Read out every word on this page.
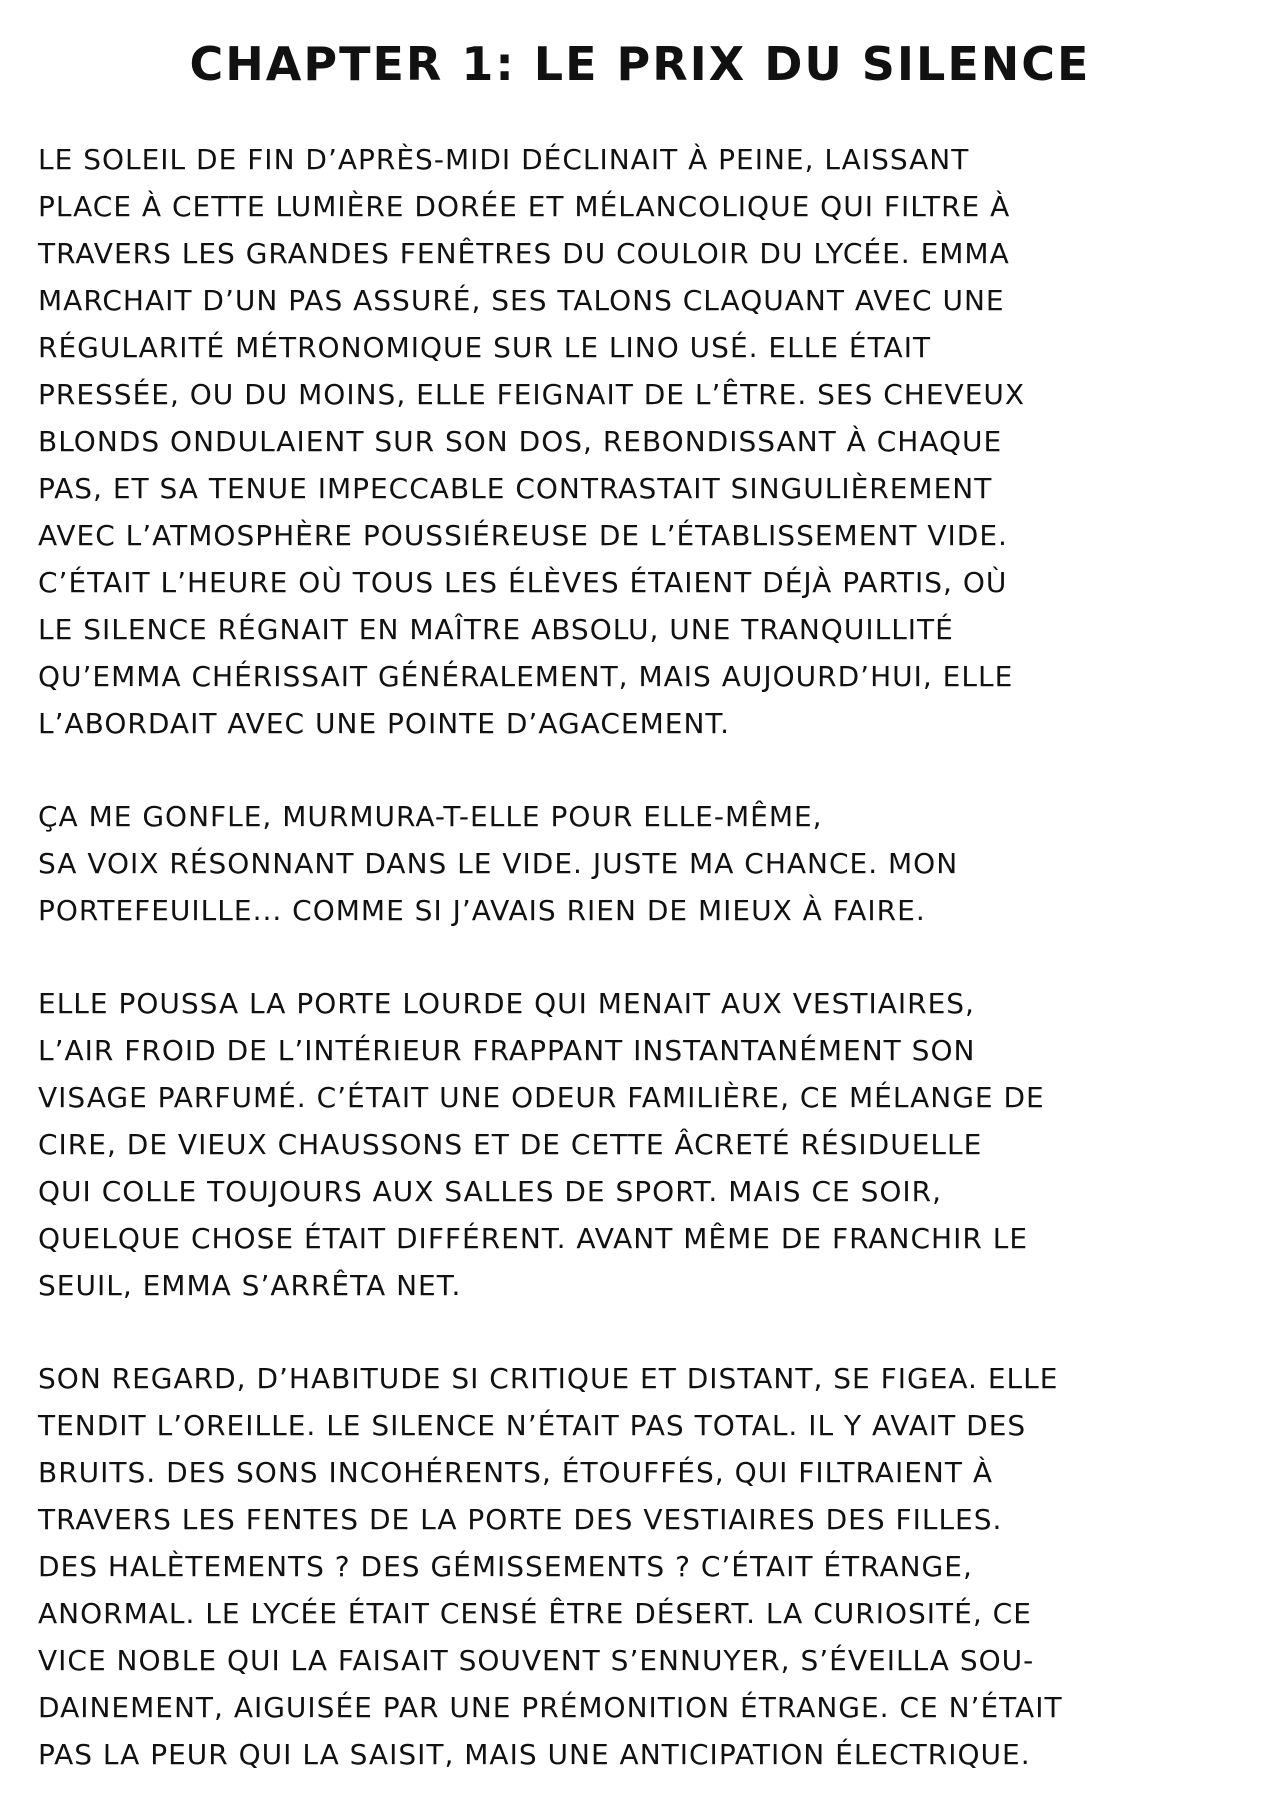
CHAPTER 1: LE PRIX DU SILENCE
LE SOLEIL DE FIN D’APRÈS-MIDI DÉCLINAIT À PEINE, LAISSANT
PLACE À CETTE LUMIÈRE DORÉE ET MÉLANCOLIQUE QUI FILTRE À
TRAVERS LES GRANDES FENÊTRES DU COULOIR DU LYCÉE. EMMA
MARCHAIT D’UN PAS ASSURÉ, SES TALONS CLAQUANT AVEC UNE
RÉGULARITÉ MÉTRONOMIQUE SUR LE LINO USÉ. ELLE ÉTAIT
PRESSÉE, OU DU MOINS, ELLE FEIGNAIT DE L’ÊTRE. SES CHEVEUX
BLONDS ONDULAIENT SUR SON DOS, REBONDISSANT À CHAQUE
PAS, ET SA TENUE IMPECCABLE CONTRASTAIT SINGULIÈREMENT
AVEC L’ATMOSPHÈRE POUSSIÉREUSE DE L’ÉTABLISSEMENT VIDE.
C’ÉTAIT L’HEURE OÙ TOUS LES ÉLÈVES ÉTAIENT DÉJÀ PARTIS, OÙ
LE SILENCE RÉGNAIT EN MAÎTRE ABSOLU, UNE TRANQUILLITÉ
QU’EMMA CHÉRISSAIT GÉNÉRALEMENT, MAIS AUJOURD’HUI, ELLE
L’ABORDAIT AVEC UNE POINTE D’AGACEMENT.
ÇA ME GONFLE, MURMURA-T-ELLE POUR ELLE-MÊME,
SA VOIX RÉSONNANT DANS LE VIDE. JUSTE MA CHANCE. MON
PORTEFEUILLE... COMME SI J’AVAIS RIEN DE MIEUX À FAIRE.
ELLE POUSSA LA PORTE LOURDE QUI MENAIT AUX VESTIAIRES,
L’AIR FROID DE L’INTÉRIEUR FRAPPANT INSTANTANÉMENT SON
VISAGE PARFUMÉ. C’ÉTAIT UNE ODEUR FAMILIÈRE, CE MÉLANGE DE
CIRE, DE VIEUX CHAUSSONS ET DE CETTE ÂCRETÉ RÉSIDUELLE
QUI COLLE TOUJOURS AUX SALLES DE SPORT. MAIS CE SOIR,
QUELQUE CHOSE ÉTAIT DIFFÉRENT. AVANT MÊME DE FRANCHIR LE
SEUIL, EMMA S’ARRÊTA NET.
SON REGARD, D’HABITUDE SI CRITIQUE ET DISTANT, SE FIGEA. ELLE
TENDIT L’OREILLE. LE SILENCE N’ÉTAIT PAS TOTAL. IL Y AVAIT DES
BRUITS. DES SONS INCOHÉRENTS, ÉTOUFFÉS, QUI FILTRAIENT À
TRAVERS LES FENTES DE LA PORTE DES VESTIAIRES DES FILLES.
DES HALÈTEMENTS ? DES GÉMISSEMENTS ? C’ÉTAIT ÉTRANGE,
ANORMAL. LE LYCÉE ÉTAIT CENSÉ ÊTRE DÉSERT. LA CURIOSITÉ, CE
VICE NOBLE QUI LA FAISAIT SOUVENT S’ENNUYER, S’ÉVEILLA SOU-
DAINEMENT, AIGUISÉE PAR UNE PRÉMONITION ÉTRANGE. CE N’ÉTAIT
PAS LA PEUR QUI LA SAISIT, MAIS UNE ANTICIPATION ÉLECTRIQUE.
